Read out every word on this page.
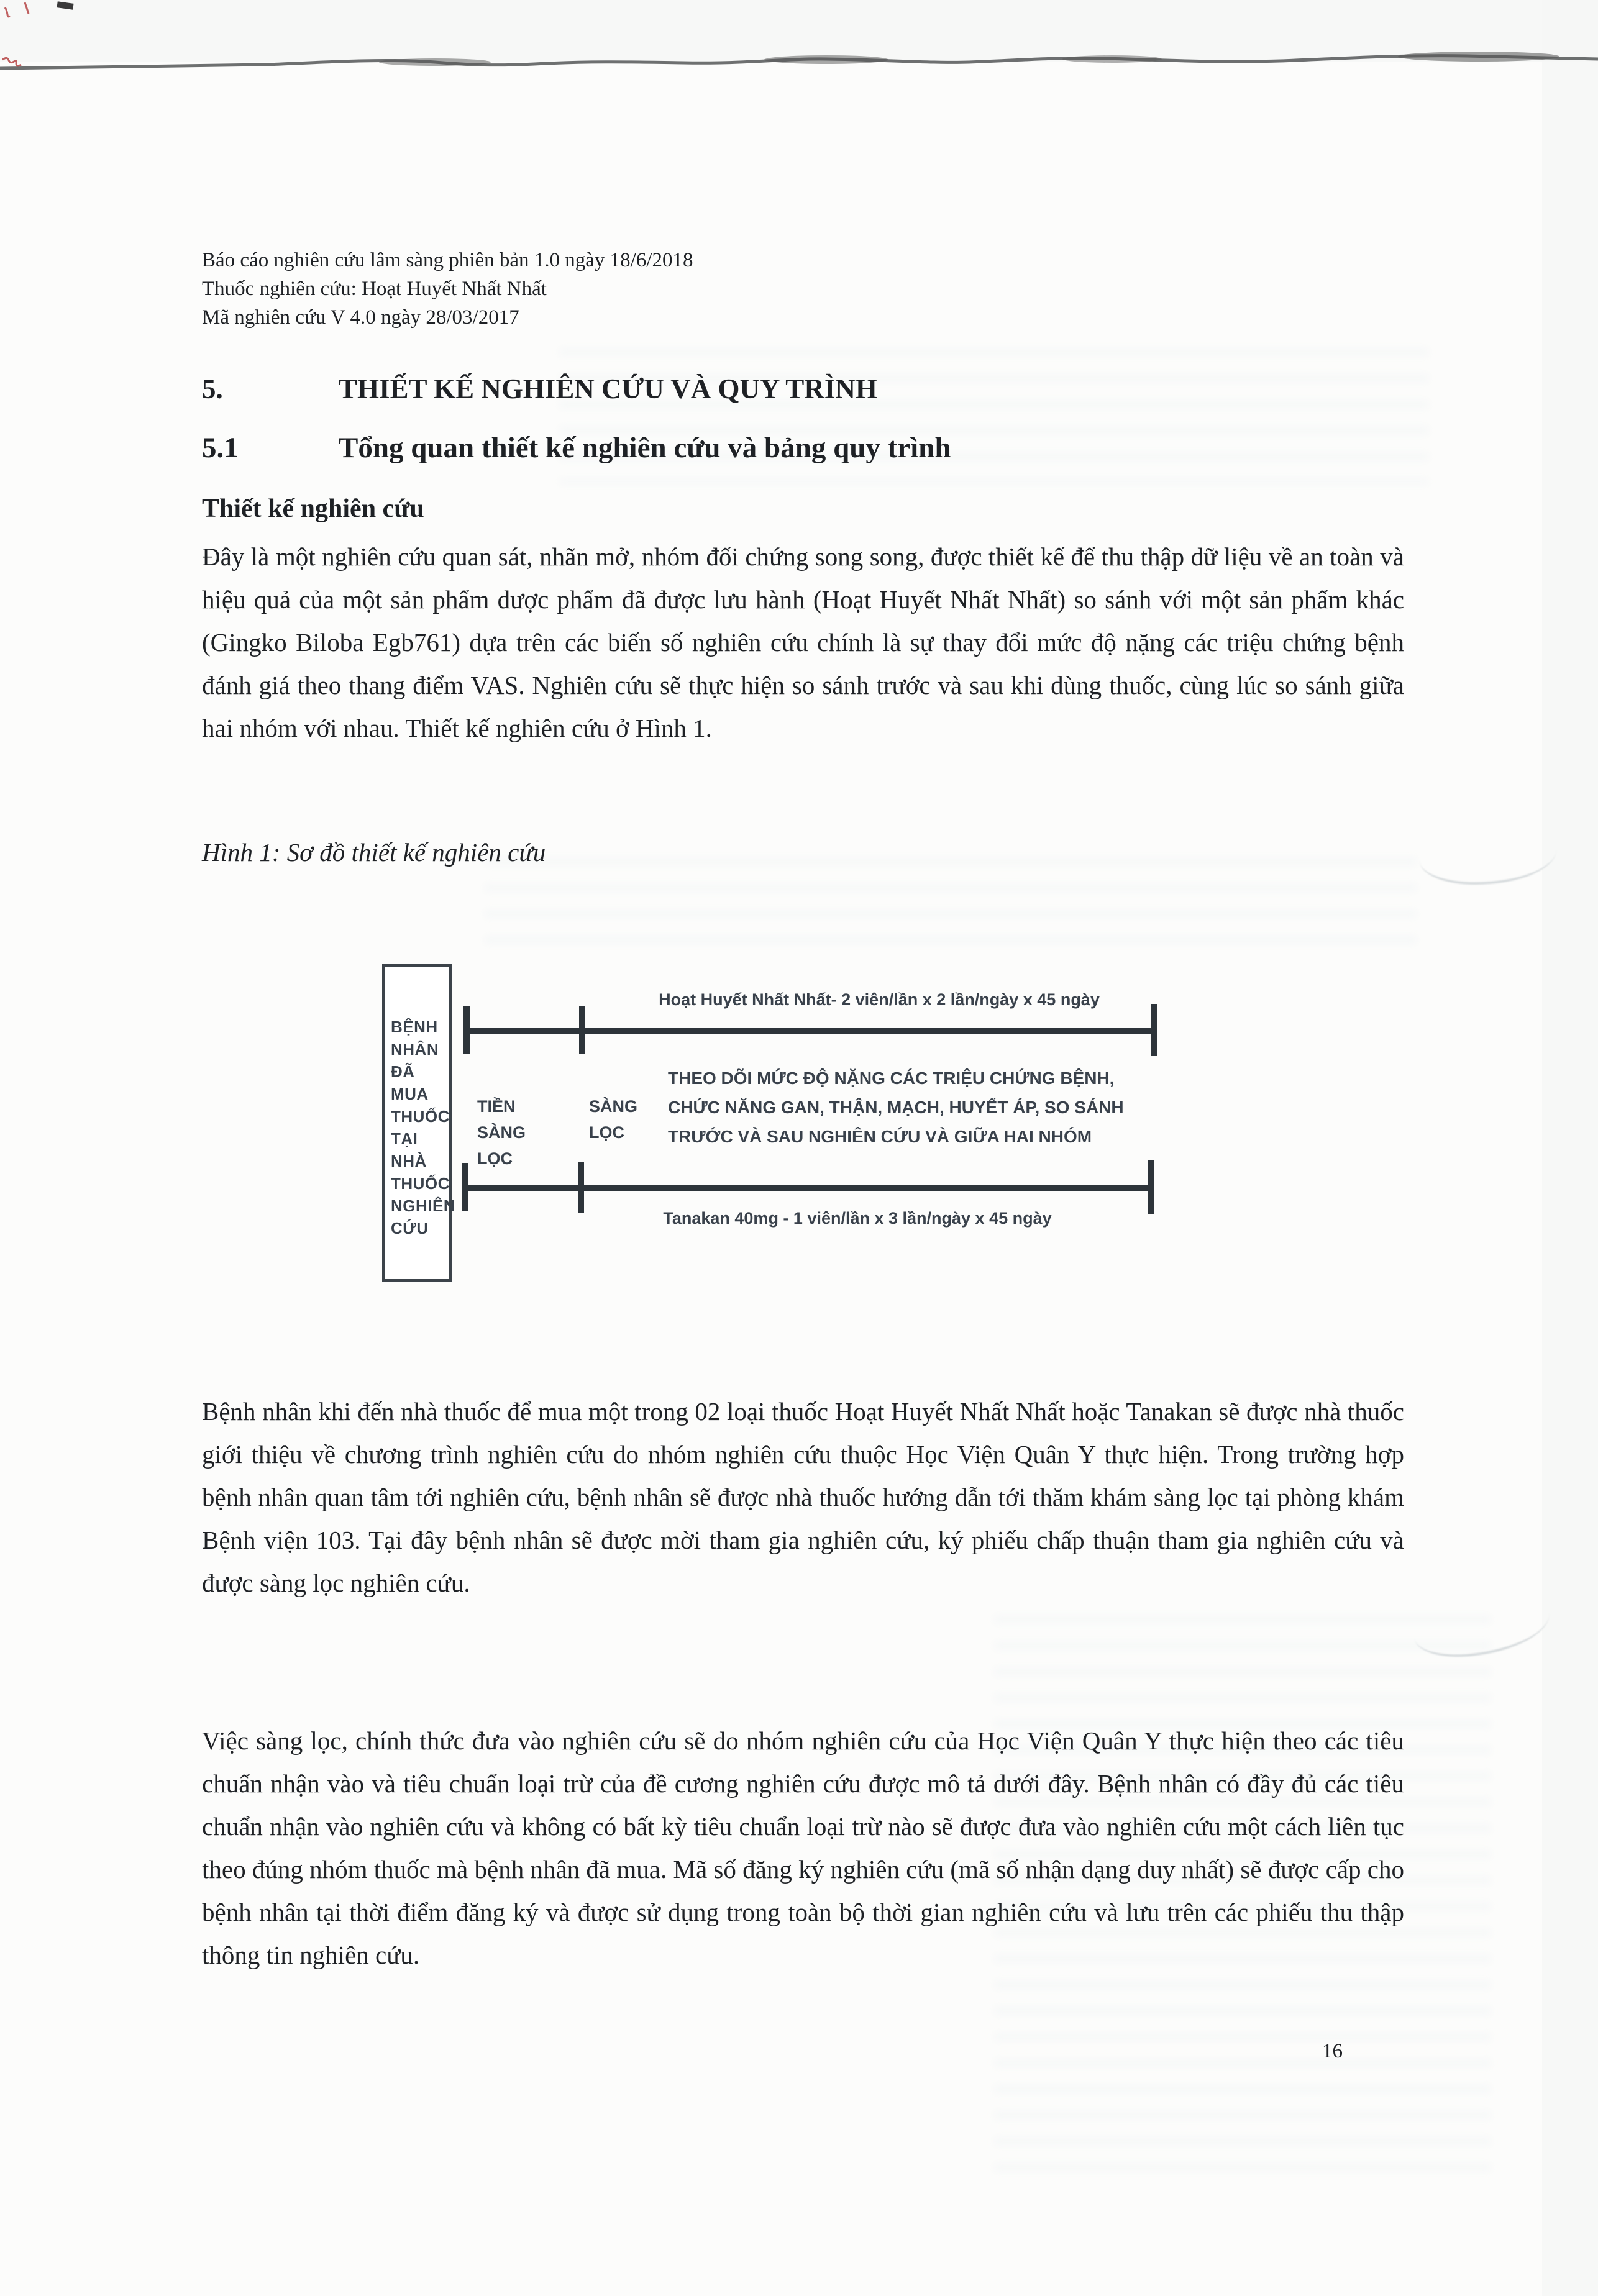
Báo cáo nghiên cứu lâm sàng phiên bản 1.0 ngày 18/6/2018
Thuốc nghiên cứu: Hoạt Huyết Nhất Nhất
Mã nghiên cứu V 4.0 ngày 28/03/2017
5.	THIẾT KẾ NGHIÊN CỨU VÀ QUY TRÌNH
5.1	Tổng quan thiết kế nghiên cứu và bảng quy trình
Thiết kế nghiên cứu
Đây là một nghiên cứu quan sát, nhãn mở, nhóm đối chứng song song, được thiết kế để thu thập dữ liệu về an toàn và hiệu quả của một sản phẩm dược phẩm đã được lưu hành (Hoạt Huyết Nhất Nhất) so sánh với một sản phẩm khác (Gingko Biloba Egb761) dựa trên các biến số nghiên cứu chính là sự thay đổi mức độ nặng các triệu chứng bệnh đánh giá theo thang điểm VAS. Nghiên cứu sẽ thực hiện so sánh trước và sau khi dùng thuốc, cùng lúc so sánh giữa hai nhóm với nhau. Thiết kế nghiên cứu ở Hình 1.
Hình 1: Sơ đồ thiết kế nghiên cứu
BỆNH
NHÂN
ĐÃ
MUA
THUỐC
TẠI
NHÀ
THUỐC
NGHIÊN
CỨU
Hoạt Huyết Nhất Nhất- 2 viên/lần x 2 lần/ngày x 45 ngày
TIỀN SÀNG LỌC
SÀNG LỌC
THEO DÕI MỨC ĐỘ NẶNG CÁC TRIỆU CHỨNG BỆNH, CHỨC NĂNG GAN, THẬN, MẠCH, HUYẾT ÁP, SO SÁNH TRƯỚC VÀ SAU NGHIÊN CỨU VÀ GIỮA HAI NHÓM
Tanakan 40mg - 1 viên/lần x 3 lần/ngày x 45 ngày
Bệnh nhân khi đến nhà thuốc để mua một trong 02 loại thuốc Hoạt Huyết Nhất Nhất hoặc Tanakan sẽ được nhà thuốc giới thiệu về chương trình nghiên cứu do nhóm nghiên cứu thuộc Học Viện Quân Y thực hiện. Trong trường hợp bệnh nhân quan tâm tới nghiên cứu, bệnh nhân sẽ được nhà thuốc hướng dẫn tới thăm khám sàng lọc tại phòng khám Bệnh viện 103. Tại đây bệnh nhân sẽ được mời tham gia nghiên cứu, ký phiếu chấp thuận tham gia nghiên cứu và được sàng lọc nghiên cứu.
Việc sàng lọc, chính thức đưa vào nghiên cứu sẽ do nhóm nghiên cứu của Học Viện Quân Y thực hiện theo các tiêu chuẩn nhận vào và tiêu chuẩn loại trừ của đề cương nghiên cứu được mô tả dưới đây. Bệnh nhân có đầy đủ các tiêu chuẩn nhận vào nghiên cứu và không có bất kỳ tiêu chuẩn loại trừ nào sẽ được đưa vào nghiên cứu một cách liên tục theo đúng nhóm thuốc mà bệnh nhân đã mua. Mã số đăng ký nghiên cứu (mã số nhận dạng duy nhất) sẽ được cấp cho bệnh nhân tại thời điểm đăng ký và được sử dụng trong toàn bộ thời gian nghiên cứu và lưu trên các phiếu thu thập thông tin nghiên cứu.
16
